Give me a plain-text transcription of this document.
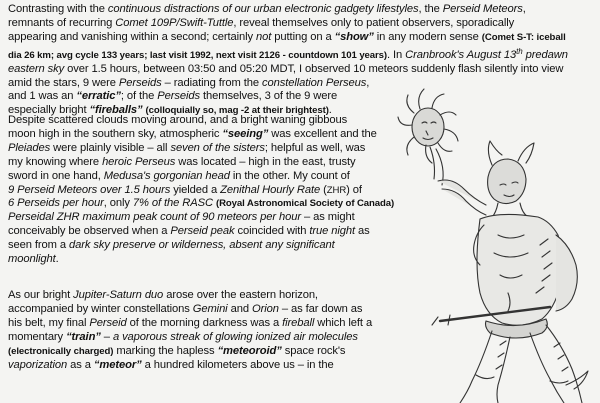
Contrasting with the continuous distractions of our urban electronic gadgety lifestyles, the Perseid Meteors,
remnants of recurring Comet 109P/Swift-Tuttle, reveal themselves only to patient observers, sporadically
appearing and vanishing within a second; certainly not putting on a “show” in any modern sense (Comet S-T: iceball
dia 26 km; avg cycle 133 years; last visit 1992, next visit 2126 - countdown 101 years). In Cranbrook's August 13th predawn
eastern sky over 1.5 hours, between 03:50 and 05:20 MDT, I observed 10 meteors suddenly flash silently into view
amid the stars, 9 were Perseids – radiating from the constellation Perseus,
and 1 was an “erratic”; of the Perseids themselves, 3 of the 9 were
especially bright “fireballs” (colloquially so, mag -2 at their brightest).
Despite scattered clouds moving around, and a bright waning gibbous
moon high in the southern sky, atmospheric “seeing” was excellent and the
Pleiades were plainly visible – all seven of the sisters; helpful as well, was
my knowing where heroic Perseus was located – high in the east, trusty
sword in one hand, Medusa's gorgonian head in the other. My count of
9 Perseid Meteors over 1.5 hours yielded a Zenithal Hourly Rate (ZHR) of
6 Perseids per hour, only 7% of the RASC (Royal Astronomical Society of Canada)
Perseidal ZHR maximum peak count of 90 meteors per hour – as might
conceivably be observed when a Perseid peak coincided with true night as
seen from a dark sky preserve or wilderness, absent any significant
moonlight.
As our bright Jupiter-Saturn duo arose over the eastern horizon,
accompanied by winter constellations Gemini and Orion – as far down as
his belt, my final Perseid of the morning darkness was a fireball which left a
momentary “train” – a vaporous streak of glowing ionized air molecules
(electronically charged) marking the hapless “meteoroid” space rock's
vaporization as a “meteor” a hundred kilometers above us – in the
